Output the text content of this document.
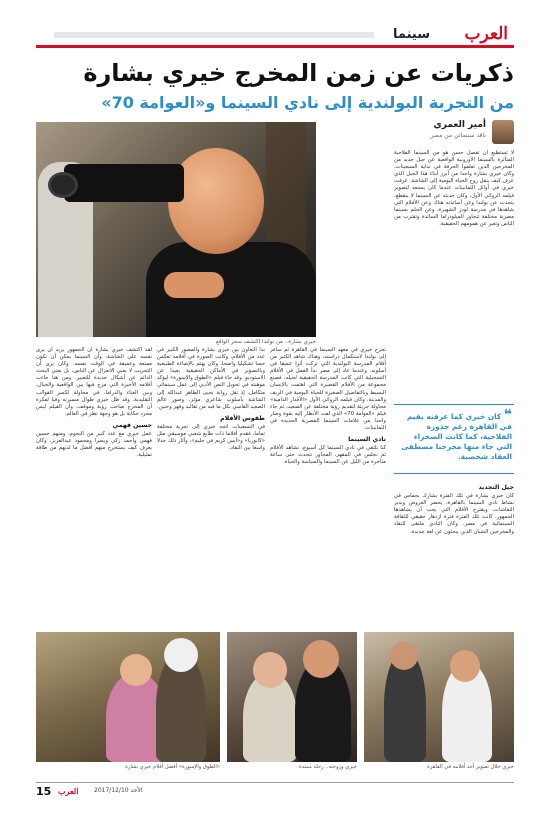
العرب
سينما
ذكريات عن زمن المخرج خيري بشارة
من التجربة البولندية إلى نادي السينما و«العوامة 70»
أمير العمري
ناقد سينمائي من مصر
خيري بشارة.. من بولندا اكتشف سحر الواقع

لا تستطيع أن تفصل حسن هو من السينما الفلاحية المتأثرة بالسينما الأوروبية الواقعية عن جيل جديد من المخرجين الذين تعلموا الحرفة في بداية السبعينات، وكان خيري بشارة واحدا من أبرز أبناء هذا الجيل الذي عرف كيف ينقل روح الحياة اليومية إلى الشاشة. عرفت خيري في أوائل الثمانينات عندما كان يستعد لتصوير فيلمه الروائي الأول، وكان حديثه عن السينما لا ينقطع، يتحدث عن بولندا وعن أساتذته هناك وعن الأفلام التي شاهدها في مدرسة لودز الشهيرة، وعن الحلم بسينما مصرية مختلفة تتجاوز الميلودراما السائدة وتقترب من الناس وتعبر عن همومهم الحقيقية.

❝ كان خيري كما عرفته يقيم في القاهرة رغم جذوره الفلاحية، كما كانت الصحراء التي جاء منها مخرجنا مصطفى العقاد شخصية.
جيل التجديد

كان خيري بشارة في تلك الفترة يشارك بحماس في نشاط نادي السينما بالقاهرة، يحضر العروض ويدير النقاشات، ويقترح الأفلام التي يجب أن يشاهدها الجمهور. كانت تلك الفترة فترة ازدهار حقيقي للثقافة السينمائية في مصر، وكان النادي ملتقى للنقاد والمخرجين الشبان الذين يبحثون عن لغة جديدة.

تخرج خيري في معهد السينما في القاهرة ثم سافر إلى بولندا لاستكمال دراسته، وهناك شاهد الكثير من أفلام المدرسة البولندية التي تركت أثرا عميقا في أسلوبه. وعندما عاد إلى مصر بدأ العمل في الأفلام التسجيلية التي كانت المدرسة الحقيقية لجيله، فصنع مجموعة من الأفلام القصيرة التي اهتمت بالإنسان البسيط وبالتفاصيل الصغيرة للحياة اليومية في الريف والمدينة. وكان فيلمه الروائي الأول «الأقدار الدامية» محاولة جريئة لتقديم رؤية مختلفة عن الصعيد، ثم جاء فيلم «العوامة 70» الذي لفت الأنظار إليه بقوة وصار واحدا من علامات السينما المصرية الجديدة في الثمانينات.

نادي السينما

كنا نلتقي في نادي السينما كل أسبوع، نشاهد الأفلام ثم نجلس في المقهى المجاور نتحدث حتى ساعة متأخرة من الليل عن السينما والسياسة والحياة.

بدأ التعاون بين خيري بشارة والمصور الكبير في عدد من الأفلام، وكانت الصورة في أفلامه تعكس حسا تشكيليا واضحا، وكان يهتم بالإضاءة الطبيعية وبالتصوير في الأماكن الحقيقية بعيدا عن الاستوديو. وقد جاء فيلم «الطوق والإسورة» ليؤكد موهبته في تحويل النص الأدبي إلى عمل سينمائي متكامل، إذ نقل رواية يحيى الطاهر عبدالله إلى الشاشة بأسلوب شاعري مؤثر، وصور عالم الصعيد القاسي بكل ما فيه من تقاليد وقهر وحنين.

طقوس الأفلام

في التسعينات اتجه خيري إلى تجربة مختلفة تماما، فقدم أفلاما ذات طابع شعبي موسيقي مثل «كابوريا» و«آيس كريم في جليم»، وأثار ذلك جدلا واسعا بين النقاد.

لقد اكتشف خيري بشارة أن الجمهور يريد أن يرى نفسه على الشاشة، وأن السينما يمكن أن تكون ممتعة وعميقة في الوقت نفسه. وكان يرى أن التجريب لا يعني الانعزال عن الناس، بل يعني البحث الدائم عن أشكال جديدة للتعبير. ومن هنا جاءت أفلامه الأخيرة التي مزج فيها بين الواقعية والخيال، وبين الغناء والدراما، في محاولة لكسر القوالب التقليدية. وقد ظل خيري طوال مسيرته وفيا لفكرة أن المخرج صاحب رؤية وموقف، وأن الفيلم ليس مجرد حكاية بل هو وجهة نظر في العالم.

حسين فهمي

عمل خيري مع عدد كبير من النجوم، ومنهم حسين فهمي وأحمد زكي ويسرا ومحمود عبدالعزيز، وكان يعرف كيف يستخرج منهم أفضل ما لديهم من طاقة تمثيلية.

خيري خلال تصوير أحد أفلامه في القاهرة
خيري وزوجته.. رحلة ممتدة
«الطوق والإسورة» أفضل أفلام خيري بشارة
15 العرب	الأحد 2017/12/10
